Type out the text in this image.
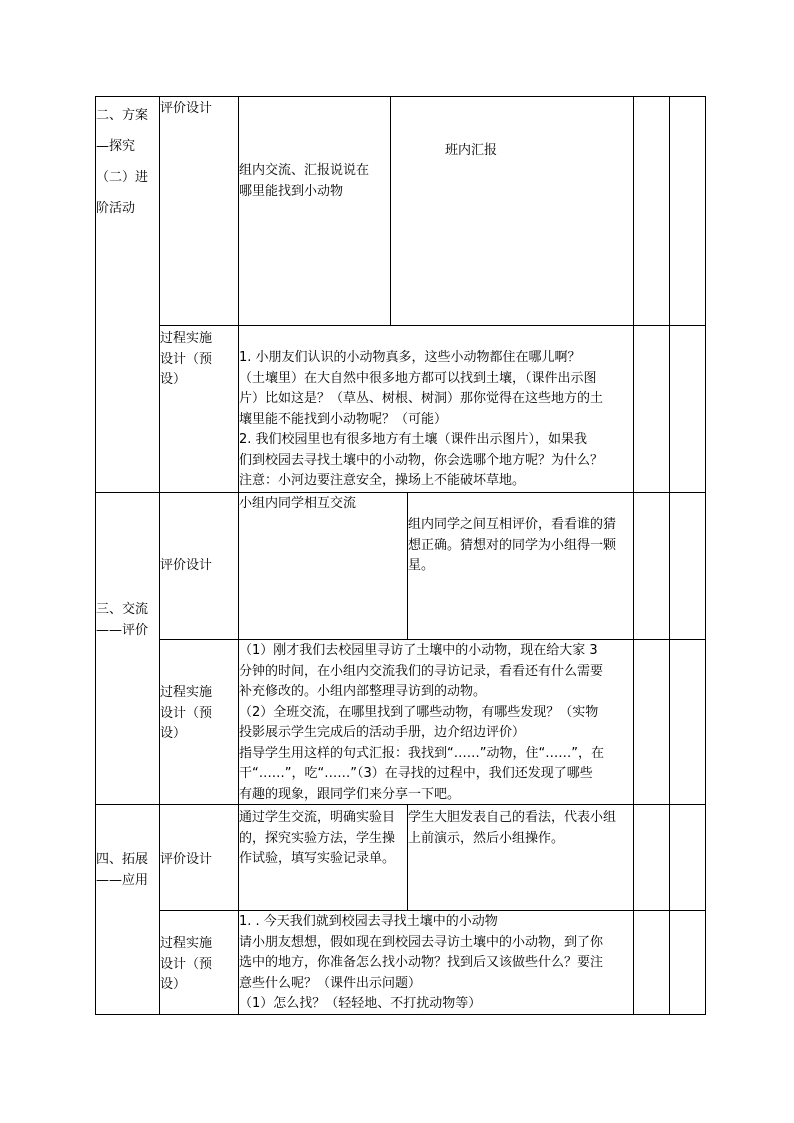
二、方案
—探究
（二）进
阶活动
评价设计
组内交流、汇报说说在
哪里能找到小动物
班内汇报
过程实施
设计（预
设）
1. 小朋友们认识的小动物真多，这些小动物都住在哪儿啊？
（土壤里）在大自然中很多地方都可以找到土壤，（课件出示图
片）比如这是？（草丛、树根、树洞）那你觉得在这些地方的土
壤里能不能找到小动物呢？（可能）
2. 我们校园里也有很多地方有土壤（课件出示图片），如果我
们到校园去寻找土壤中的小动物，你会选哪个地方呢？为什么？
注意：小河边要注意安全，操场上不能破坏草地。
三、交流
——评价
评价设计
小组内同学相互交流
组内同学之间互相评价，看看谁的猜
想正确。猜想对的同学为小组得一颗
星。
过程实施
设计（预
设）
（1）刚才我们去校园里寻访了土壤中的小动物，现在给大家 3
分钟的时间，在小组内交流我们的寻访记录，看看还有什么需要
补充修改的。小组内部整理寻访到的动物。
（2）全班交流，在哪里找到了哪些动物，有哪些发现？（实物
投影展示学生完成后的活动手册，边介绍边评价）
指导学生用这样的句式汇报：我找到“……”动物，住“……”，在
干“……”，吃“……”（3）在寻找的过程中，我们还发现了哪些
有趣的现象，跟同学们来分享一下吧。
四、拓展
——应用
评价设计
通过学生交流，明确实验目
的，探究实验方法，学生操
作试验，填写实验记录单。
学生大胆发表自己的看法，代表小组
上前演示，然后小组操作。
过程实施
设计（预
设）
1. . 今天我们就到校园去寻找土壤中的小动物
请小朋友想想，假如现在到校园去寻访土壤中的小动物，到了你
选中的地方，你准备怎么找小动物？找到后又该做些什么？要注
意些什么呢？（课件出示问题）
（1）怎么找？（轻轻地、不打扰动物等）
